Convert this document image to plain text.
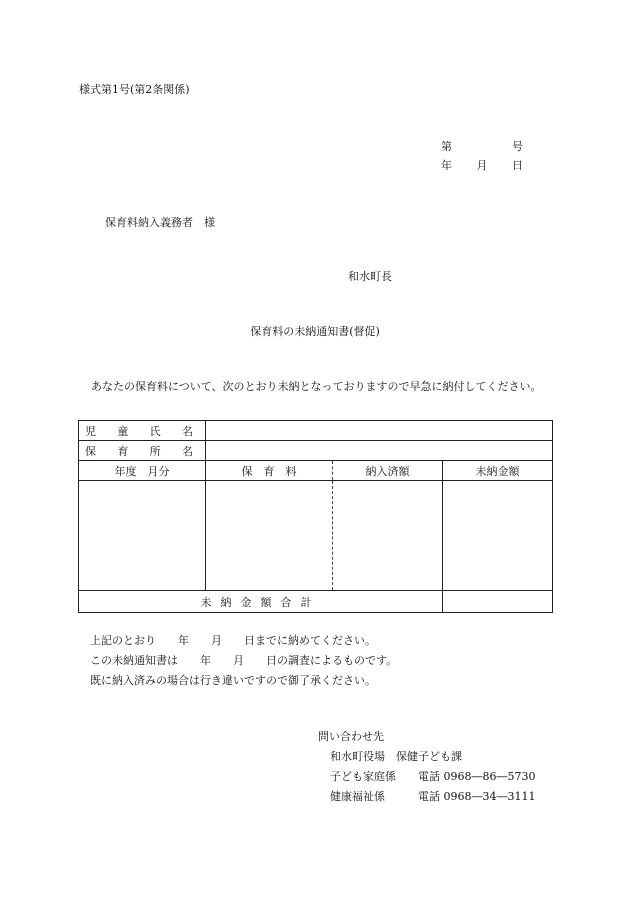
様式第1号(第2条関係)
第	号
年 月 日
保育料納入義務者　様
和水町長
保育料の未納通知書(督促)
あなたの保育料について、次のとおり未納となっておりますので早急に納付してください。
児 童 氏 名			

保 育 所 名			

年度　月分	保　育　料	納入済額	未納金額

未納金額合計			
上記のとおり　　年　　月　　日までに納めてください。
この未納通知書は　　年　　月　　日の調査によるものです。
既に納入済みの場合は行き違いですので御了承ください。
問い合わせ先
和水町役場　保健子ども課
子ども家庭係 電話 0968―86―5730
健康福祉係	電話 0968―34―3111
